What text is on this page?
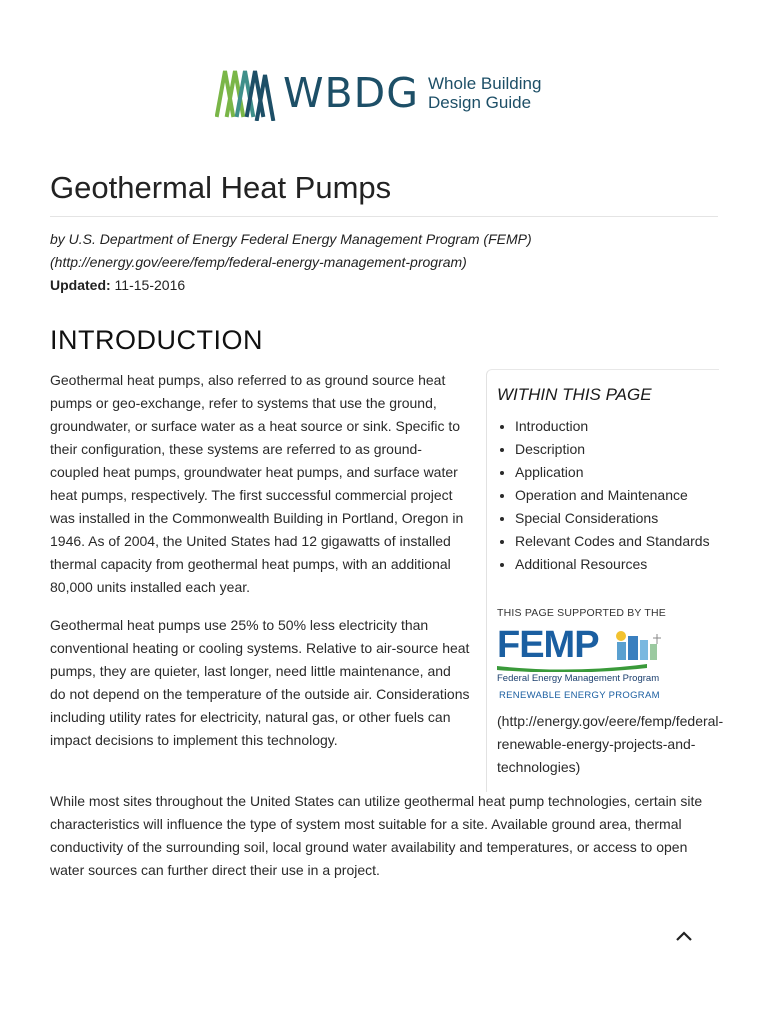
WBDG Whole Building
Design Guide
Geothermal Heat Pumps
by U.S. Department of Energy Federal Energy Management Program (FEMP)
(http://energy.gov/eere/femp/federal-energy-management-program)
Updated: 11-15-2016
INTRODUCTION

Geothermal heat pumps, also referred to as ground source heat pumps or geo-exchange, refer to systems that use the ground, groundwater, or surface water as a heat source or sink. Specific to their configuration, these systems are referred to as ground-coupled heat pumps, groundwater heat pumps, and surface water heat pumps, respectively. The first successful commercial project was installed in the Commonwealth Building in Portland, Oregon in 1946. As of 2004, the United States had 12 gigawatts of installed thermal capacity from geothermal heat pumps, with an additional 80,000 units installed each year.

WITHIN THIS PAGE
• Introduction
• Description
• Application
• Operation and Maintenance
• Special Considerations
• Relevant Codes and Standards
• Additional Resources
THIS PAGE SUPPORTED BY THE
FEMP
Federal Energy Management Program
RENEWABLE ENERGY PROGRAM
(http://energy.gov/eere/femp/federal-renewable-energy-projects-and-technologies)

Geothermal heat pumps use 25% to 50% less electricity than conventional heating or cooling systems. Relative to air-source heat pumps, they are quieter, last longer, need little maintenance, and do not depend on the temperature of the outside air. Considerations including utility rates for electricity, natural gas, or other fuels can impact decisions to implement this technology.

While most sites throughout the United States can utilize geothermal heat pump technologies, certain site characteristics will influence the type of system most suitable for a site. Available ground area, thermal conductivity of the surrounding soil, local ground water availability and temperatures, or access to open water sources can further direct their use in a project.
